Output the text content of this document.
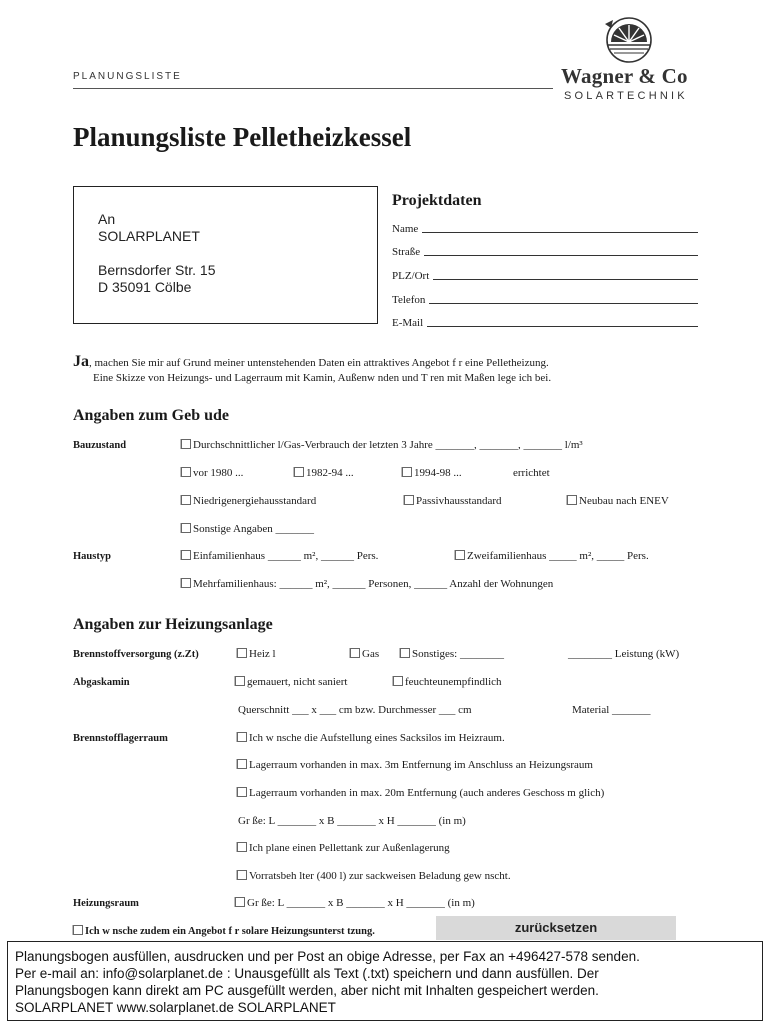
PLANUNGSLISTE	Wagner & Co
SOLARTECHNIK
Planungsliste Pelletheizkessel
An
SOLARPLANET
Bernsdorfer Str. 15
D 35091 Cölbe
Projektdaten
Name
Straße
PLZ/Ort
Telefon
E-Mail
Ja, machen Sie mir auf Grund meiner untenstehenden Daten ein attraktives Angebot f r eine Pelletheizung.
Eine Skizze von Heizungs- und Lagerraum mit Kamin, Außenw nden und T ren mit Maßen lege ich bei.
Angaben zum Geb ude
Bauzustand	Durchschnittlicher l/Gas-Verbrauch der letzten 3 Jahre _______, _______, _______ l/m³
vor 1980 ...	1982-94 ...	1994-98 ...	errichtet
Niedrigenergiehausstandard	Passivhausstandard	Neubau nach ENEV
Sonstige Angaben _______
Haustyp	Einfamilienhaus ______ m², ______ Pers.	Zweifamilienhaus _____ m², _____ Pers.
Mehrfamilienhaus: ______ m², ______ Personen, ______ Anzahl der Wohnungen
Angaben zur Heizungsanlage
Brennstoffversorgung (z.Zt)	Heiz l	Gas	Sonstiges: ________	________ Leistung (kW)
Abgaskamin	gemauert, nicht saniert	feuchteunempfindlich
Querschnitt ___ x ___ cm bzw. Durchmesser ___ cm	Material _______
Brennstofflagerraum	Ich w nsche die Aufstellung eines Sacksilos im Heizraum.
Lagerraum vorhanden in max. 3m Entfernung im Anschluss an Heizungsraum
Lagerraum vorhanden in max. 20m Entfernung (auch anderes Geschoss m glich)
Gr ße: L _______ x B _______ x H _______ (in m)
Ich plane einen Pellettank zur Außenlagerung
Vorratsbeh lter (400 l) zur sackweisen Beladung gew nscht.
Heizungsraum	Gr ße: L _______ x B _______ x H _______ (in m)
Ich w nsche zudem ein Angebot f r solare Heizungsunterst tzung.	zurücksetzen
Planungsbogen ausfüllen, ausdrucken und per Post an obige Adresse, per Fax an +496427-578 senden.
Per e-mail an: info@solarplanet.de : Unausgefüllt als Text (.txt) speichern und dann ausfüllen. Der
Planungsbogen kann direkt am PC ausgefüllt werden, aber nicht mit Inhalten gespeichert werden.
SOLARPLANET www.solarplanet.de SOLARPLANET
